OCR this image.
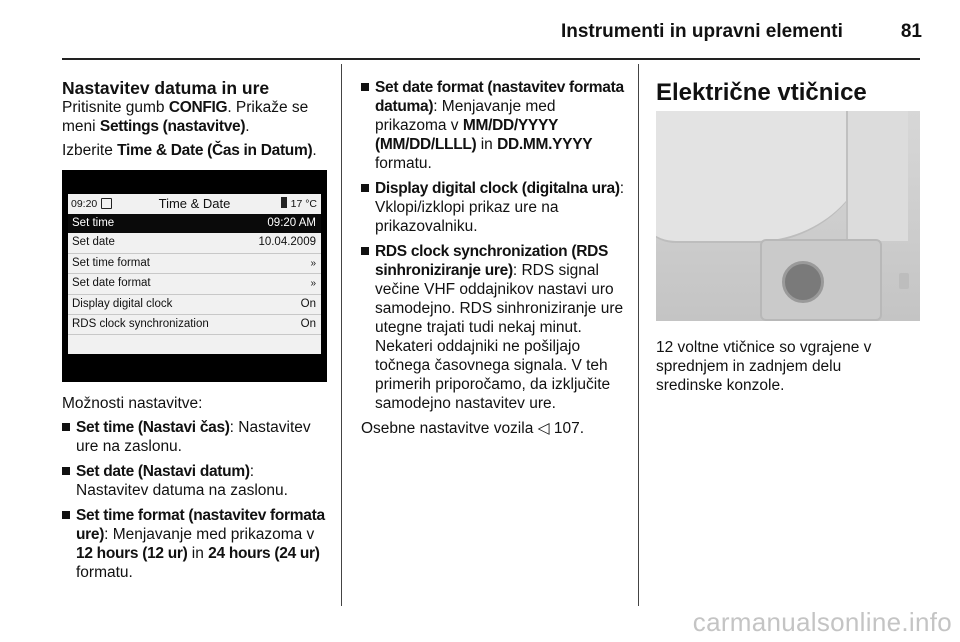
Instrumenti in upravni elementi	81
Nastavitev datuma in ure

Pritisnite gumb CONFIG. Prikaže se meni Settings (nastavitve).

Izberite Time & Date (Čas in Datum).

09:20	Time & Date	17 °C
Set time	09:20 AM
Set date	10.04.2009
Set time format	»
Set date format	»
Display digital clock	On
RDS clock synchronization	On

Možnosti nastavitve:

Set time (Nastavi čas): Nastavitev ure na zaslonu.
Set date (Nastavi datum): Nastavitev datuma na zaslonu.
Set time format (nastavitev formata ure): Menjavanje med prikazoma v 12 hours (12 ur) in 24 hours (24 ur) formatu.
Set date format (nastavitev formata datuma): Menjavanje med prikazoma v MM/DD/YYYY (MM/DD/LLLL) in DD.MM.YYYY formatu.
Display digital clock (digitalna ura): Vklopi/izklopi prikaz ure na prikazovalniku.
RDS clock synchronization (RDS sinhroniziranje ure): RDS signal večine VHF oddajnikov nastavi uro samodejno. RDS sinhroniziranje ure utegne trajati tudi nekaj minut. Nekateri oddajniki ne pošiljajo točnega časovnega signala. V teh primerih priporočamo, da izključite samodejno nastavitev ure.

Osebne nastavitve vozila ◁ 107.

Električne vtičnice

12 voltne vtičnice so vgrajene v sprednjem in zadnjem delu sredinske konzole.

carmanualsonline.info
